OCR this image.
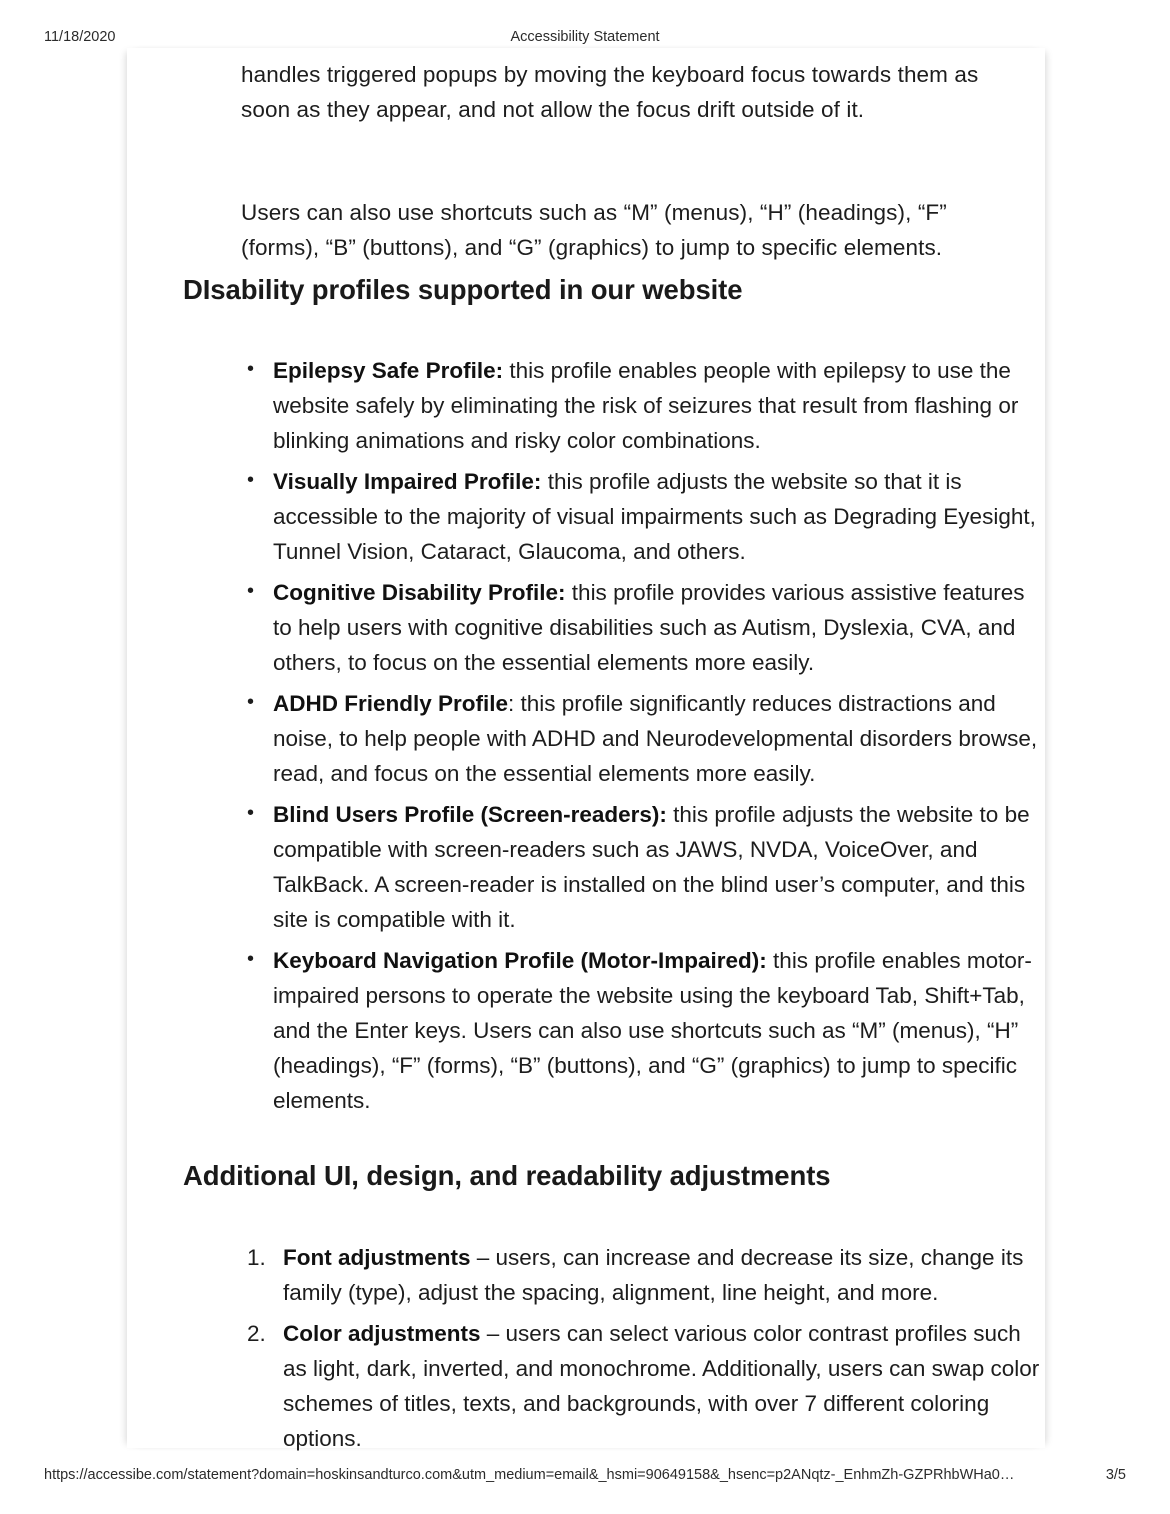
11/18/2020	Accessibility Statement

handles triggered popups by moving the keyboard focus towards them as soon as they appear, and not allow the focus drift outside of it.

Users can also use shortcuts such as “M” (menus), “H” (headings), “F” (forms), “B” (buttons), and “G” (graphics) to jump to specific elements.

DIsability profiles supported in our website
• Epilepsy Safe Profile: this profile enables people with epilepsy to use the website safely by eliminating the risk of seizures that result from flashing or blinking animations and risky color combinations.
• Visually Impaired Profile: this profile adjusts the website so that it is accessible to the majority of visual impairments such as Degrading Eyesight, Tunnel Vision, Cataract, Glaucoma, and others.
• Cognitive Disability Profile: this profile provides various assistive features to help users with cognitive disabilities such as Autism, Dyslexia, CVA, and others, to focus on the essential elements more easily.
• ADHD Friendly Profile: this profile significantly reduces distractions and noise, to help people with ADHD and Neurodevelopmental disorders browse, read, and focus on the essential elements more easily.
• Blind Users Profile (Screen-readers): this profile adjusts the website to be compatible with screen-readers such as JAWS, NVDA, VoiceOver, and TalkBack. A screen-reader is installed on the blind user’s computer, and this site is compatible with it.
• Keyboard Navigation Profile (Motor-Impaired): this profile enables motor-impaired persons to operate the website using the keyboard Tab, Shift+Tab, and the Enter keys. Users can also use shortcuts such as “M” (menus), “H” (headings), “F” (forms), “B” (buttons), and “G” (graphics) to jump to specific elements.
Additional UI, design, and readability adjustments
Font adjustments – users, can increase and decrease its size, change its family (type), adjust the spacing, alignment, line height, and more.
Color adjustments – users can select various color contrast profiles such as light, dark, inverted, and monochrome. Additionally, users can swap color schemes of titles, texts, and backgrounds, with over 7 different coloring options.
https://accessibe.com/statement?domain=hoskinsandturco.com&utm_medium=email&_hsmi=90649158&_hsenc=p2ANqtz-_EnhmZh-GZPRhbWHa0…	3/5
